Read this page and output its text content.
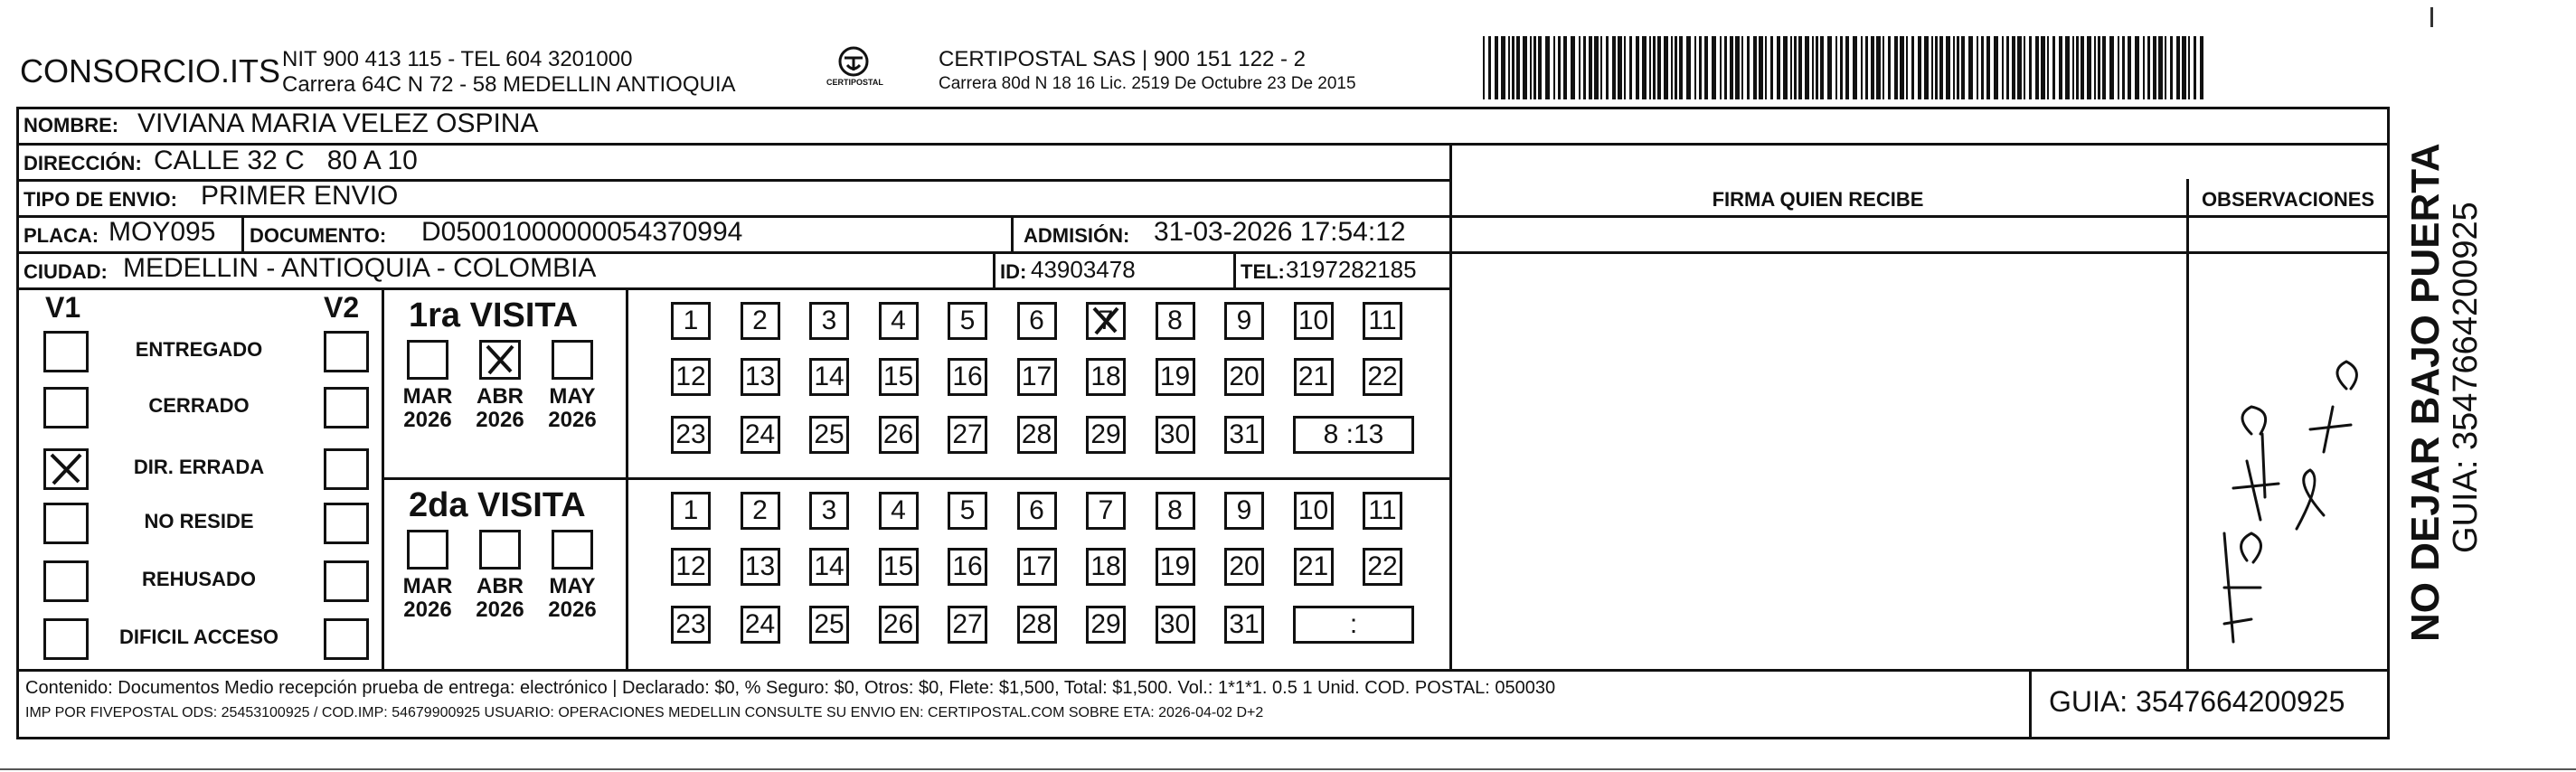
CONSORCIO.ITS NIT 900 413 115 - TEL 604 3201000
Carrera 64C N 72 - 58 MEDELLIN ANTIOQUIA	CERTIPOSTAL
CERTIPOSTAL SAS | 900 151 122 - 2
Carrera 80d N 18 16 Lic. 2519 De Octubre 23 De 2015
NOMBRE: VIVIANA MARIA VELEZ OSPINA
DIRECCIÓN: CALLE 32 C   80 A 10
TIPO DE ENVIO: PRIMER ENVIO
PLACA: MOY095 DOCUMENTO: D05001000000054370994	ADMISIÓN: 31-03-2026 17:54:12
CIUDAD: MEDELLIN - ANTIOQUIA - COLOMBIA	ID: 43903478	TEL: 3197282185
FIRMA QUIEN RECIBE	OBSERVACIONES
V1	V2
ENTREGADO
CERRADO
DIR. ERRADA
NO RESIDE
REHUSADO
DIFICIL ACCESO
1ra VISITA
2da VISITA
MAR
2026
ABR
2026
MAY
2026
1	2	3	4	5	6	7	8	9	10 11
12 13 14 15 16 17 18 19 20 21 22
23 24 25 26 27 28 29 30 31	8 :13
MAR
2026
ABR
2026
MAY
2026
1	2	3	4	5	6	7	8	9	10 11
12 13 14 15 16 17 18 19 20 21 22
23 24 25 26 27 28 29 30 31	:
Contenido: Documentos Medio recepción prueba de entrega: electrónico | Declarado: $0, % Seguro: $0, Otros: $0, Flete: $1,500, Total: $1,500. Vol.: 1*1*1. 0.5 1 Unid. COD. POSTAL: 050030
IMP POR FIVEPOSTAL ODS: 25453100925 / COD.IMP: 54679900925 USUARIO: OPERACIONES MEDELLIN CONSULTE SU ENVIO EN: CERTIPOSTAL.COM SOBRE ETA: 2026-04-02 D+2	GUIA: 3547664200925
NO DEJAR BAJO PUERTA GUIA: 3547664200925
